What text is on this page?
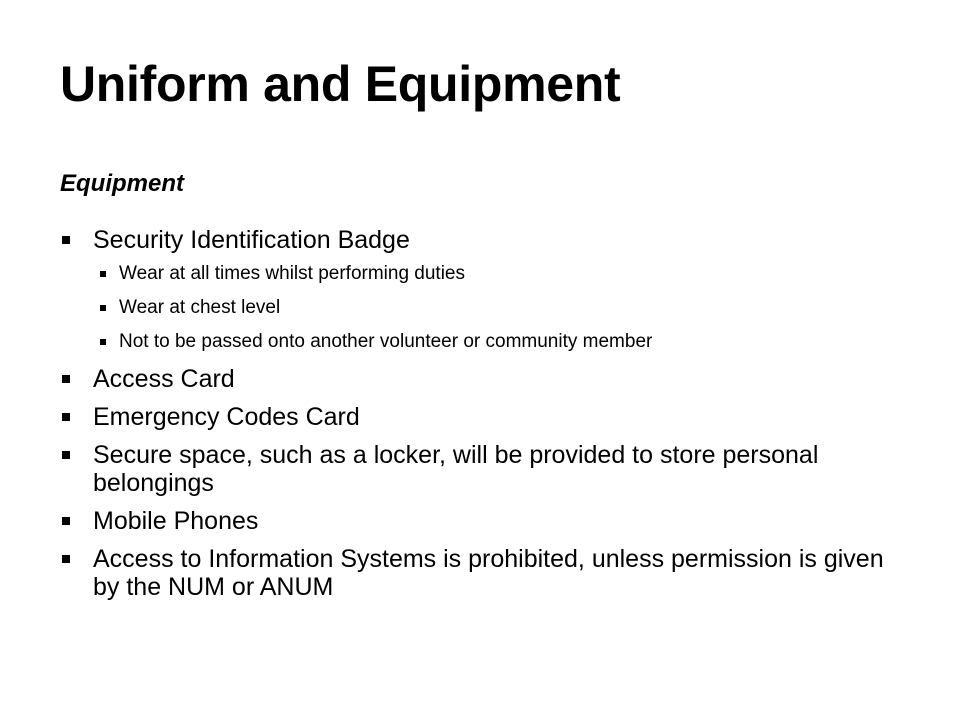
Uniform and Equipment
Equipment
Security Identification Badge
Wear at all times whilst performing duties
Wear at chest level
Not to be passed onto another volunteer or community member
Access Card
Emergency Codes Card
Secure space, such as a locker, will be provided to store personal belongings
Mobile Phones
Access to Information Systems is prohibited, unless permission is given by the NUM or ANUM
